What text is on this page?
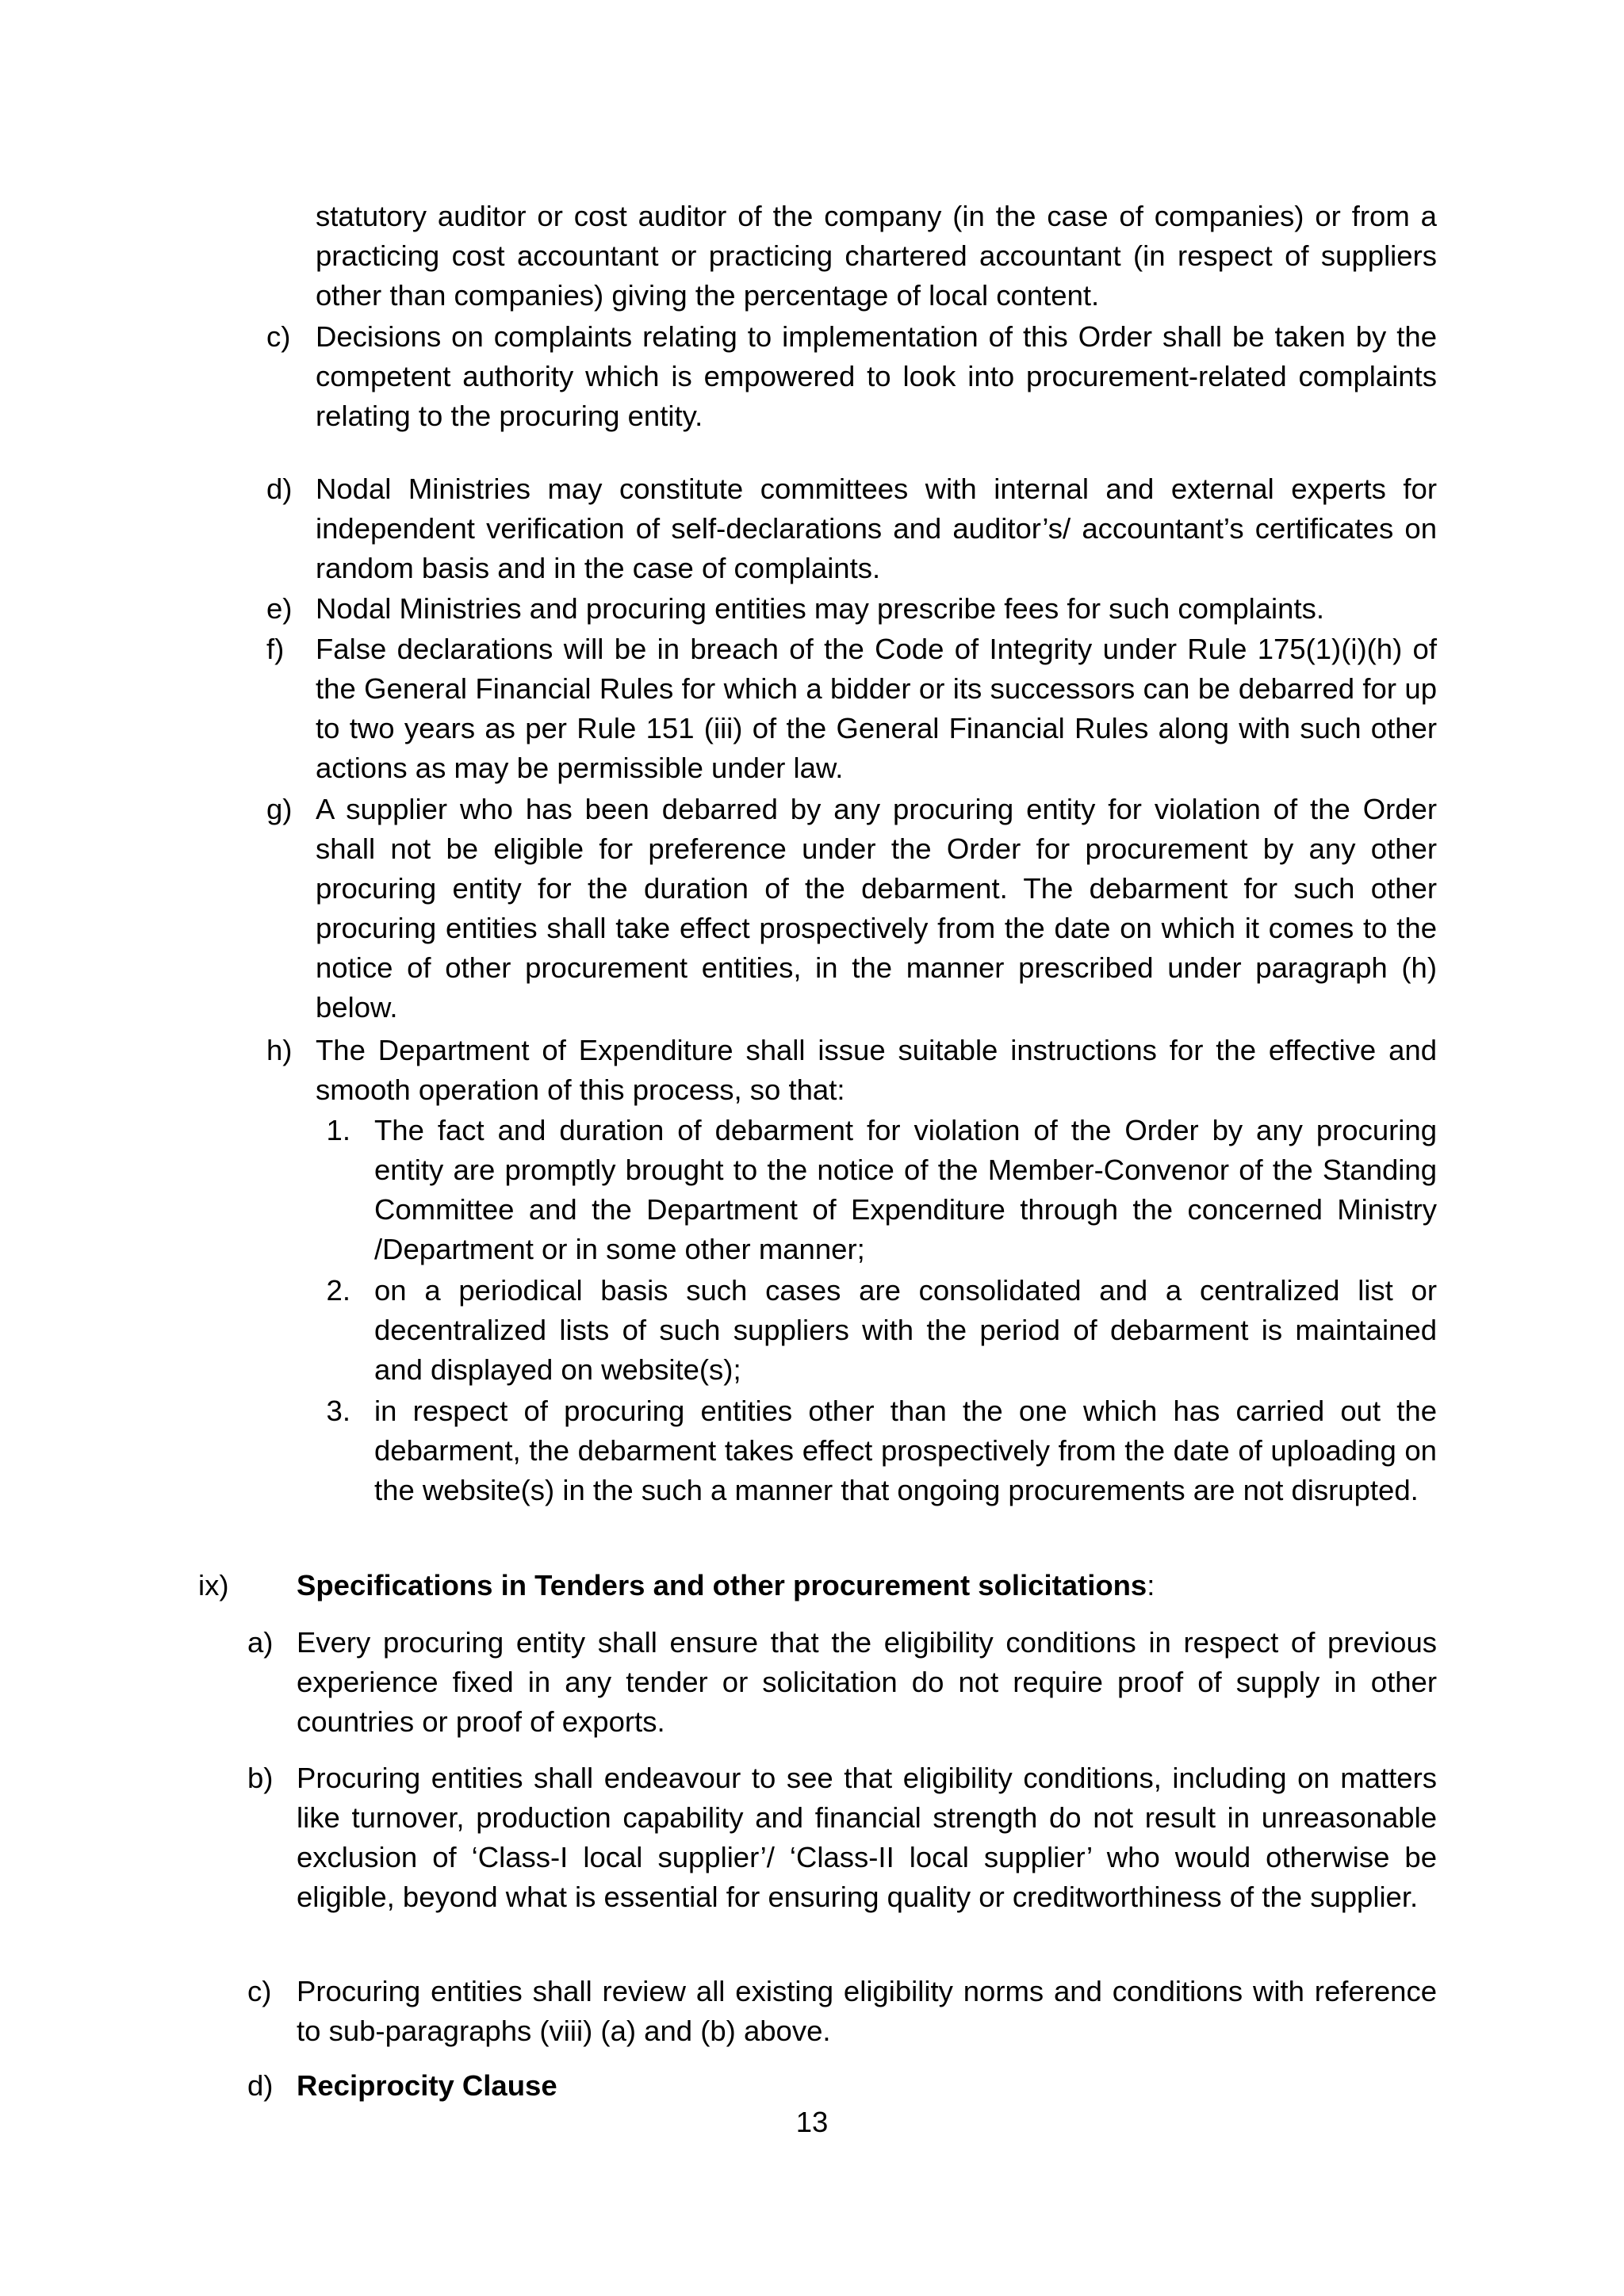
statutory auditor or cost auditor of the company (in the case of companies) or from a practicing cost accountant or practicing chartered accountant (in respect of suppliers other than companies) giving the percentage of local content.

c) Decisions on complaints relating to implementation of this Order shall be taken by the competent authority which is empowered to look into procurement-related complaints relating to the procuring entity.

d) Nodal Ministries may constitute committees with internal and external experts for independent verification of self-declarations and auditor’s/ accountant’s certificates on random basis and in the case of complaints.

e) Nodal Ministries and procuring entities may prescribe fees for such complaints.

f) False declarations will be in breach of the Code of Integrity under Rule 175(1)(i)(h) of the General Financial Rules for which a bidder or its successors can be debarred for up to two years as per Rule 151 (iii) of the General Financial Rules along with such other actions as may be permissible under law.

g) A supplier who has been debarred by any procuring entity for violation of the Order shall not be eligible for preference under the Order for procurement by any other procuring entity for the duration of the debarment. The debarment for such other procuring entities shall take effect prospectively from the date on which it comes to the notice of other procurement entities, in the manner prescribed under paragraph (h) below.

h) The Department of Expenditure shall issue suitable instructions for the effective and smooth operation of this process, so that:

1. The fact and duration of debarment for violation of the Order by any procuring entity are promptly brought to the notice of the Member-Convenor of the Standing Committee and the Department of Expenditure through the concerned Ministry /Department or in some other manner;

2. on a periodical basis such cases are consolidated and a centralized list or decentralized lists of such suppliers with the period of debarment is maintained and displayed on website(s);

3. in respect of procuring entities other than the one which has carried out the debarment, the debarment takes effect prospectively from the date of uploading on the website(s) in the such a manner that ongoing procurements are not disrupted.

ix) Specifications in Tenders and other procurement solicitations:
a) Every procuring entity shall ensure that the eligibility conditions in respect of previous experience fixed in any tender or solicitation do not require proof of supply in other countries or proof of exports.

b) Procuring entities shall endeavour to see that eligibility conditions, including on matters like turnover, production capability and financial strength do not result in unreasonable exclusion of ‘Class-I local supplier’/ ‘Class-II local supplier’ who would otherwise be eligible, beyond what is essential for ensuring quality or creditworthiness of the supplier.

c) Procuring entities shall review all existing eligibility norms and conditions with reference to sub-paragraphs (viii) (a) and (b) above.

d) Reciprocity Clause
13
